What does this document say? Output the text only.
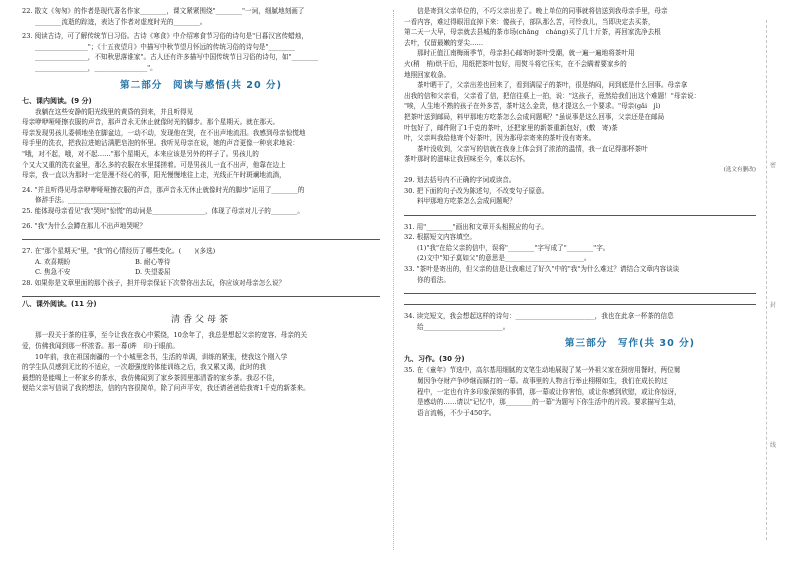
22. 散文《匆匆》的作者是现代著名作家________，课文紧紧围绕"________"一词，细腻地刻画了
________流逝的踪迹，表达了作者对虚度时光的________。
23. 阅读古诗，可了解传统节日习俗。古诗《寒食》中介绍寒食节习俗的诗句是"日暮汉宫传蜡烛，
________________"；《十五夜望月》中描写中秋节望月怀远的传统习俗的诗句是"________
________________，不知秋思落谁家"。古人还有许多描写中国传统节日习俗的诗句，如"________
________________，________________"。
第二部分　阅读与感悟(共 20 分)
七、课内阅读。(9 分)
我躺在这些安静的阳光线里的黄昏的到来，并且听得见
母亲咿咿哑哑擦衣服的声音，那声音永无休止就像时光的脚步。那个星期天。就在那天。
母亲发现男孩儿委顿地坐在脚盆边，一动不动，发现他在哭，在不出声地流泪。我感到母亲惊慌地
母手里的洗衣，把我拉进她沾满肥皂泡的怀里。我听见母亲在说，她的声音更像一种哀求地说：
"哦，对不起，哦，对不起……"那个星期天，本来应该是另外的样子了。男孩儿的
个又大又重的洗衣盆里，那么多的衣服在水里揉搓着。可是男孩儿一直不出声，他靠在边上
母亲，我一直以为那时一定是漫不经心的事，阳光慢慢地往上走，光线正午时斑斓地流淌，
24. "并且听得见母亲咿咿哑哑擦衣服的声音，那声音永无休止就像时光的脚步"运用了________的
修辞手法。________________
25. 能体现母亲看见"我"哭时"惊慌"的动词是________________，体现了母亲对儿子的________。
26. "我"为什么会蹲在那儿不出声地哭呢？
27. 在"那个星期天"里，"我"的心情经历了哪些变化。(　　)(多选)
A. 欢喜期盼	B. 耐心等待
C. 焦急不安	D. 失望委屈
28. 如果你是文章里面的那个孩子，担并母亲保证下次带你出去玩，你应该对母亲怎么说？
八、课外阅读。(11 分)
清香父母茶
那一段关于茶的往事，至今让我在我心中萦绕，10余年了，我总是想起父亲的宽容、母亲的关
爱，仿佛我闻到那一杯浓香。那一幕(眸　印)于眼前。
10年前，我在祖国南疆的一个小城里念书，生活的单调，训练的紧张，使我这个刚入学
的学生队员感到无比的不适应，一次超强度的体能训练之后，我又累又渴，此时的我
最想的是能喝上一杯家乡的茶水，我仿佛闻到了家乡茶园里那清香的家乡茶。我忍不住，
便给父亲写信说了我的想法，信的内容很简单，除了问声平安，我还请爸爸给我寄1千克的新茶来。
信是寄到父亲单位的，不巧父亲出差了。晚上单位的同事就将信送到我母亲手里，母亲
一看内容，难过得眼泪直掉下来：傻孩子，部队那么苦，可怜我儿，当即决定去买茶，
第二天一大早，母亲就去县城的茶市场(chǎng　cháng)买了几十斤茶，再回家洗净去根
去叶，仅留最嫩的芽尖……
那时正值江南梅雨季节，母亲担心邮寄时茶叶受潮，就一遍一遍地将茶叶用
火(稍　梢)烘干后，用纸把茶叶包好，用熨斗将它压实，在不会瞒着要家乡的
地照回家收条。
茶叶晒干了，父亲出差也回来了，看到满屋子的茶叶，很是纳闷，问到底是什么回事。母亲拿
出我的信和父亲看，父亲看了信，把信往桌上一拍，说："这孩子，竟然给我们出这个难题！"母亲说：
"唉，人生地不熟的孩子在外多苦，茶叶这么金贵，他才提这么一个要求。"母亲(gǎi　jì)
把茶叶送到邮局，料甲那地方吃茶怎么会成问题呢？"虽说事是这么回事，父亲还是在邮局
叶包好了，邮件附了1千克的茶叶，还把家里的新茶重新包好，(敷　寄)茶
叶，父亲叫我给他寄个好茶叶，因为那母亲寄来的茶叶没有寄来。
茶叶没收到，父亲写的信就在我身上体会到了浓浓的温情，我一直记得那杯茶叶
茶叶那时的滋味让我回味至今，难以忘怀。
(选文有删改)
29. 划去括号内不正确的字词或读音。
30. 把下面的句子改为陈述句，不改变句子原意。
料甲那地方吃茶怎么会成问题呢？
31. 用"________"画出和文章开头相照应的句子。
32. 根据短文内容填空。
(1)"我"在给父亲的信中，误将"________"字写成了"________"字。
(2)文中"知子莫如父"的意思是________________________。
33. "茶叶是寄出的，但父亲的信是让我难过了好久"中的"我"为什么难过？请结合文章内容谈谈
你的看法。
34. 读完短文，我会想起这样的诗句：________________________，我也在此拿一杯茶的信息
给________________________。
第三部分　写作(共 30 分)
九、习作。(30 分)
35. 在《童年》节选中，高尔基用细腻的文笔生动地展现了某一外祖父家在厨房用餐时，两位舅
舅因争夺财产争吵继而厮打的一幕。故事里的人物言行举止栩栩如生，我们在成长的过
程中，一定也有许多印象深刻的事情，那一幕或让你害怕，或让你感到欣慰，或让你惊讶，
是感动的……请以"记忆中，那________的一幕"为题写下你生活中的片段。要求描写生动，
语言流畅，不少于450字。
密
封
线
